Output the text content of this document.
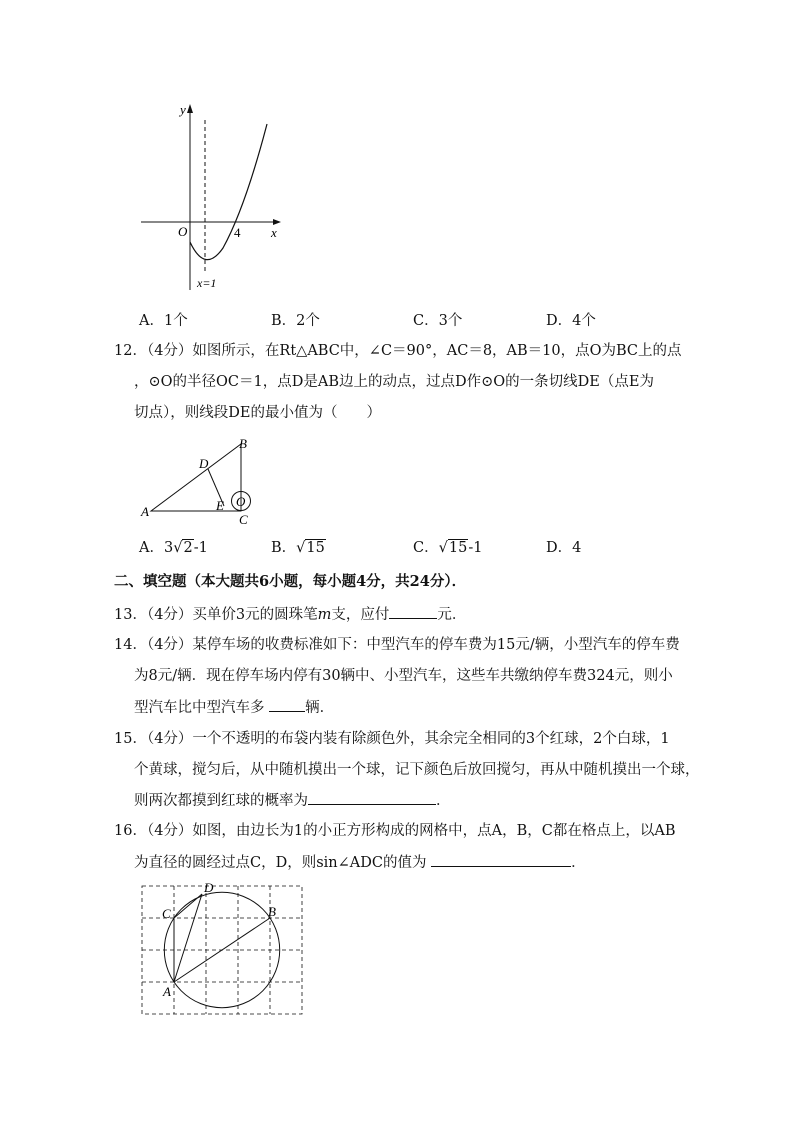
y
x
O	4
x=1
A．1个	B．2个	C．3个	D．4个
12．（4分）如图所示，在Rt△ABC中，∠C＝90°，AC＝8，AB＝10，点O为BC上的点
，⊙O的半径OC＝1，点D是AB边上的动点，过点D作⊙O的一条切线DE（点E为
切点），则线段DE的最小值为（　　）
B
D
A	E O
C
A．3√2-1	B．√15	C．√15-1	D．4
二、填空题（本大题共6小题，每小题4分，共24分）．
13．（4分）买单价3元的圆珠笔m支，应付	元．
14．（4分）某停车场的收费标准如下：中型汽车的停车费为15元/辆，小型汽车的停车费
为8元/辆．现在停车场内停有30辆中、小型汽车，这些车共缴纳停车费324元，则小
型汽车比中型汽车多 辆．
15．（4分）一个不透明的布袋内装有除颜色外，其余完全相同的3个红球，2个白球，1
个黄球，搅匀后，从中随机摸出一个球，记下颜色后放回搅匀，再从中随机摸出一个球，
则两次都摸到红球的概率为	．
16．（4分）如图，由边长为1的小正方形构成的网格中，点A，B，C都在格点上，以AB
为直径的圆经过点C，D，则sin∠ADC的值为	．
D
C	B
A
